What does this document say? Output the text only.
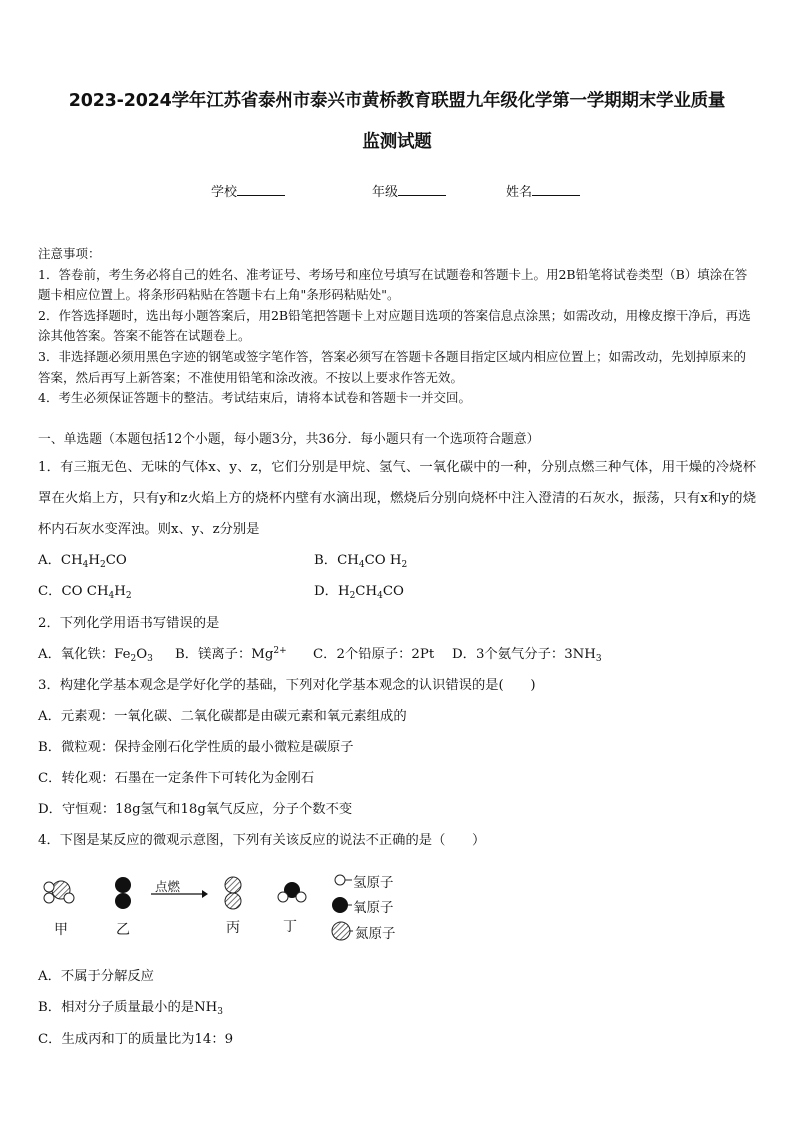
2023-2024学年江苏省泰州市泰兴市黄桥教育联盟九年级化学第一学期期末学业质量
监测试题
学校	年级	姓名

注意事项：

1．答卷前，考生务必将自己的姓名、准考证号、考场号和座位号填写在试题卷和答题卡上。用2B铅笔将试卷类型（B）填涂在答题卡相应位置上。将条形码粘贴在答题卡右上角"条形码粘贴处"。

2．作答选择题时，选出每小题答案后，用2B铅笔把答题卡上对应题目选项的答案信息点涂黑；如需改动，用橡皮擦干净后，再选涂其他答案。答案不能答在试题卷上。

3．非选择题必须用黑色字迹的钢笔或签字笔作答，答案必须写在答题卡各题目指定区域内相应位置上；如需改动，先划掉原来的答案，然后再写上新答案；不准使用铅笔和涂改液。不按以上要求作答无效。

4．考生必须保证答题卡的整洁。考试结束后，请将本试卷和答题卡一并交回。

一、单选题（本题包括12个小题，每小题3分，共36分．每小题只有一个选项符合题意）
1．有三瓶无色、无味的气体x、y、z，它们分别是甲烷、氢气、一氧化碳中的一种，分别点燃三种气体，用干燥的冷烧杯罩在火焰上方，只有y和z火焰上方的烧杯内壁有水滴出现，燃烧后分别向烧杯中注入澄清的石灰水，振荡，只有x和y的烧杯内石灰水变浑浊。则x、y、z分别是
A．$CH_4H_2CO$	B．$CH_4CO$ $H_2$
C．CO $CH_4H_2$	D．$H_2CH_4CO$
2．下列化学用语书写错误的是
A．氧化铁：$Fe_2O_3$ B．镁离子：$Mg^{2+}$ C．2个铅原子：2Pt D．3个氨气分子：$3NH_3$
3．构建化学基本观念是学好化学的基础，下列对化学基本观念的认识错误的是(　　)
A．元素观：一氧化碳、二氧化碳都是由碳元素和氧元素组成的
B．微粒观：保持金刚石化学性质的最小微粒是碳原子
C．转化观：石墨在一定条件下可转化为金刚石
D．守恒观：18g氢气和18g氧气反应，分子个数不变
4．下图是某反应的微观示意图，下列有关该反应的说法不正确的是（　　）
点燃
甲	乙	丙	丁
氢原子
氧原子
氮原子
A．不属于分解反应
B．相对分子质量最小的是$NH_3$
C．生成丙和丁的质量比为14：9
